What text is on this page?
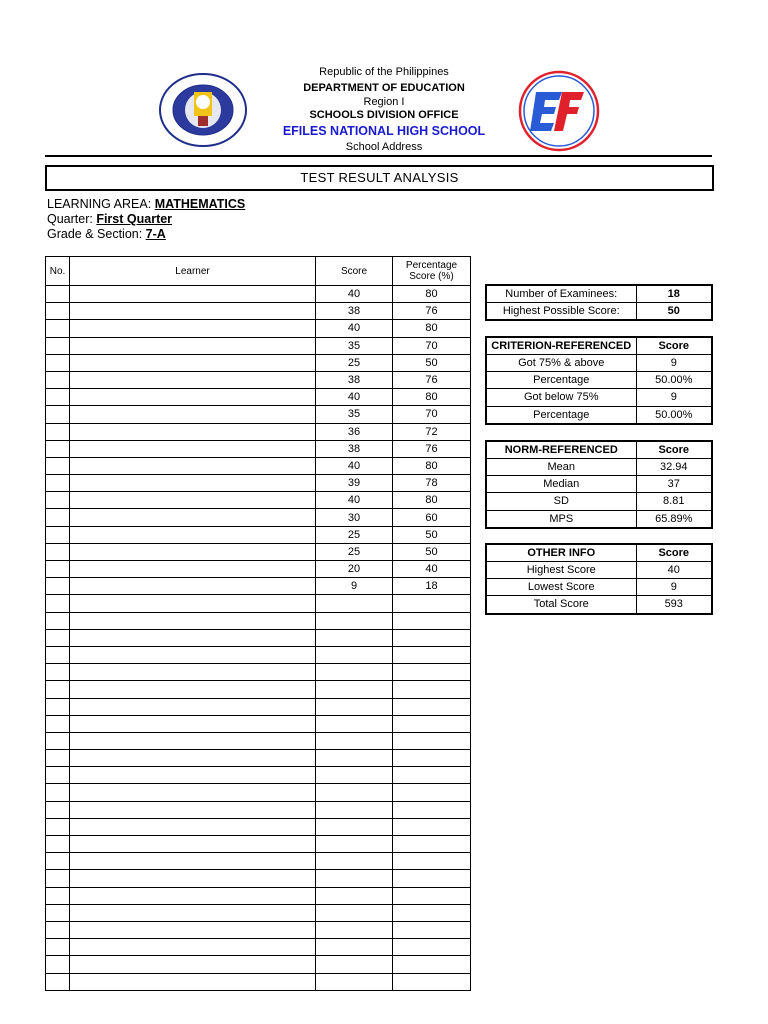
Republic of the Philippines
DEPARTMENT OF EDUCATION
Region I
SCHOOLS DIVISION OFFICE
EFILES NATIONAL HIGH SCHOOL
School Address
TEST RESULT ANALYSIS
LEARNING AREA: MATHEMATICS
Quarter: First Quarter
Grade & Section: 7-A
No.	Learner	Score	Percentage Score (%)
		40	80
		38	76
		40	80
		35	70
		25	50
		38	76
		40	80
		35	70
		36	72
		38	76
		40	80
		39	78
		40	80
		30	60
		25	50
		25	50
		20	40
		9	18

Number of Examinees:	18
Highest Possible Score:	50
CRITERION-REFERENCED	Score
Got 75% & above	9
Percentage	50.00%
Got below 75%	9
Percentage	50.00%
NORM-REFERENCED	Score
Mean	32.94
Median	37
SD	8.81
MPS	65.89%
OTHER INFO	Score
Highest Score	40
Lowest Score	9
Total Score	593
